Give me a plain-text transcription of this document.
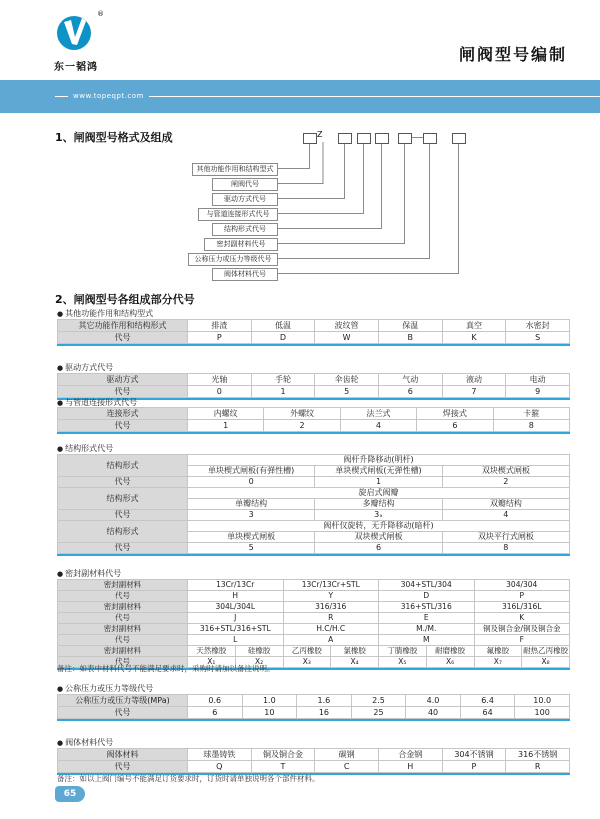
®
东一韬鸿
闸阀型号编制
www.topeqpt.com
1、闸阀型号格式及组成	Z
其他功能作用和结构型式
闸阀代号
驱动方式代号
与管道连接形式代号
结构形式代号
密封副材料代号
公称压力或压力等级代号
阀体材料代号
2、闸阀型号各组成部分代号
● 其他功能作用和结构型式
其它功能作用和结构形式	排渣	低温	波纹管	保温	真空	水密封
代号	P	D	W	B	K	S
● 驱动方式代号
驱动方式	光轴	手轮	伞齿轮	气动	液动	电动
代号	0	1	5	6	7	9
● 与管道连接形式代号
连接形式	内螺纹	外螺纹	法兰式	焊接式	卡箍
代号	1	2	4	6	8
● 结构形式代号
结构形式	阀杆升降移动(明杆)		
	单块楔式闸板(有弹性槽)	单块楔式闸板(无弹性槽)	双块楔式闸板
代号	0	1	2
结构形式	旋启式阀瓣		
	单瓣结构	多瓣结构	双瓣结构
代号	3	3ₓ	4
结构形式	阀杆仅旋转，无升降移动(暗杆)		
	单块楔式闸板	双块楔式闸板	双块平行式闸板
代号	5	6	8
● 密封副材料代号
密封副材料	13Cr/13Cr		13Cr/13Cr+STL		304+STL/304		304/304	
代号	H		Y		D		P	
密封副材料	304L/304L		316/316		316+STL/316		316L/316L	
代号	J		R		E		K	
密封副材料	316+STL/316+STL		H.C/H.C		M./M.		铜及铜合金/铜及铜合金	
代号	L		A		M		F	
密封副材料	天然橡胶	硅橡胶	乙丙橡胶	氯橡胶	丁腈橡胶	耐磨橡胶	氟橡胶	耐热乙丙橡胶
代号	X₁	X₂	X₃	X₄	X₅	X₆	X₇	X₈
备注：如表中材料代号不能满足要求时，采购时请加以备注说明。
● 公称压力或压力等级代号
公称压力或压力等级(MPa)	0.6	1.0	1.6	2.5	4.0	6.4	10.0
代号	6	10	16	25	40	64	100
● 阀体材料代号
阀体材料	球墨铸铁	铜及铜合金	碳钢	合金钢	304不锈钢	316不锈钢
代号	Q	T	C	H	P	R
备注：如以上阀门编号不能满足订货要求时，订货时请单独说明各个部件材料。
65
